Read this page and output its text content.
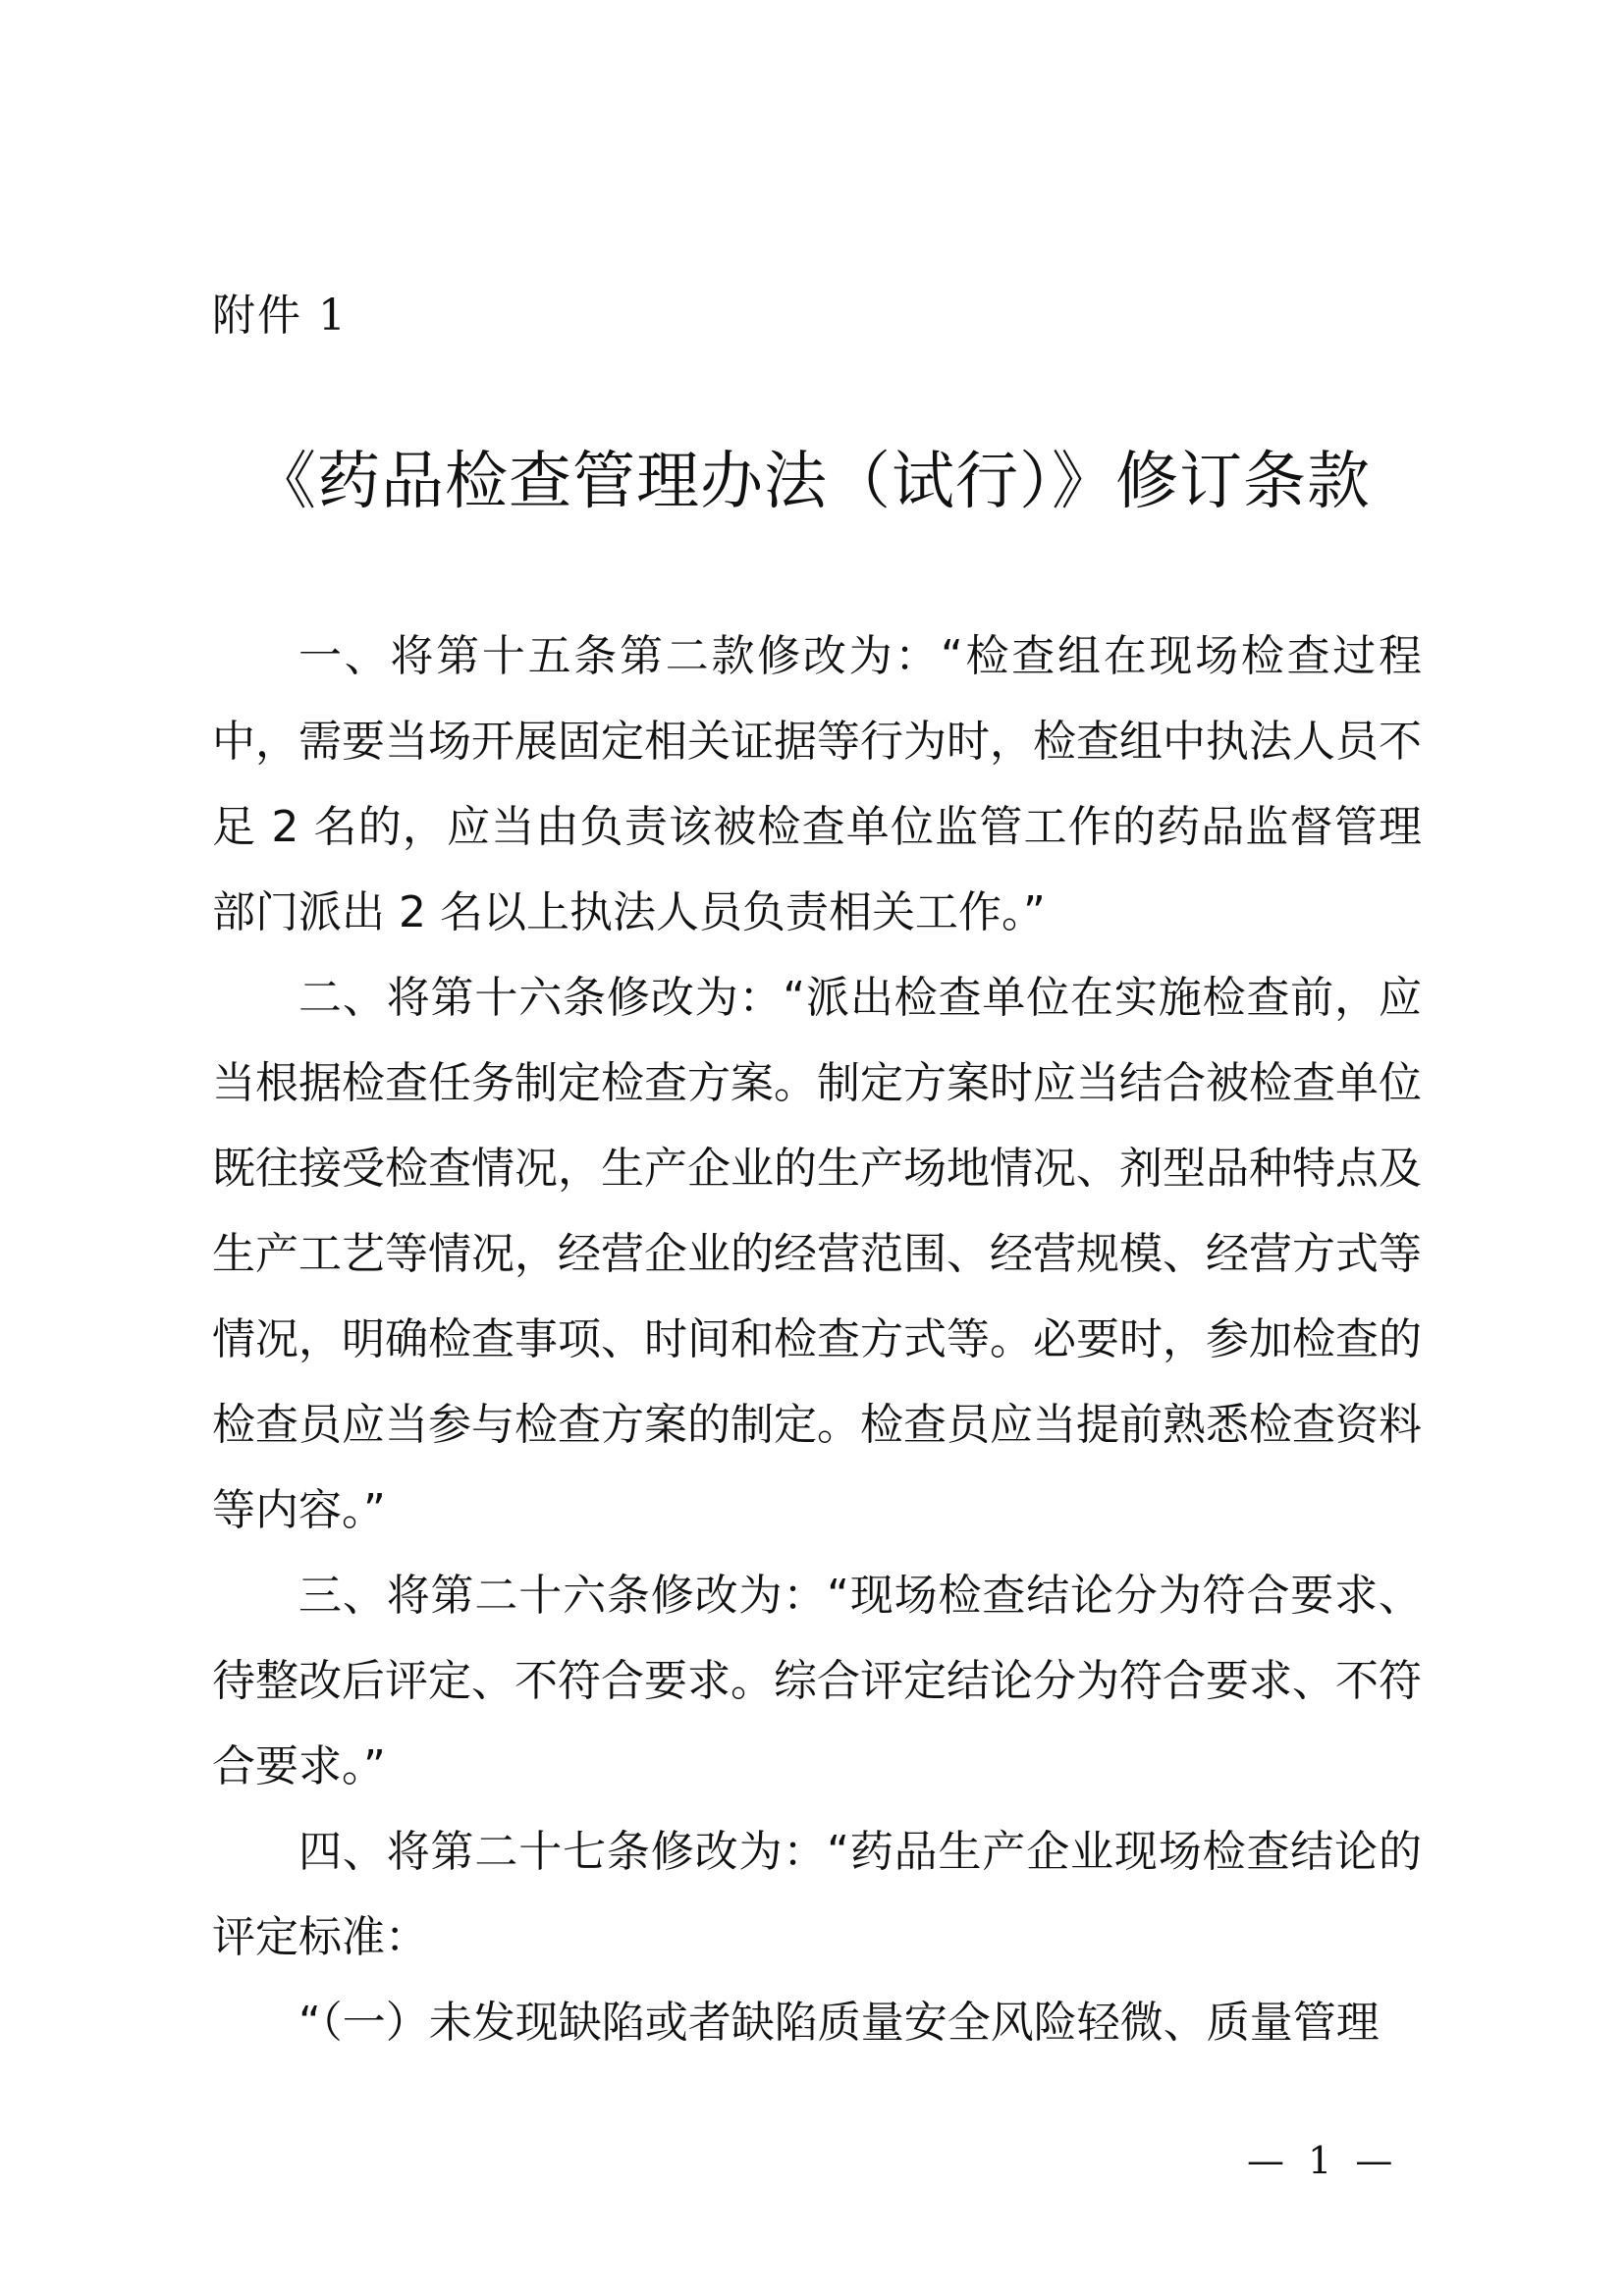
附件 1
《药品检查管理办法（试行）》修订条款

一、将第十五条第二款修改为：“检查组在现场检查过程中，需要当场开展固定相关证据等行为时，检查组中执法人员不足 2 名的，应当由负责该被检查单位监管工作的药品监督管理部门派出 2 名以上执法人员负责相关工作。”

二、将第十六条修改为：“派出检查单位在实施检查前，应当根据检查任务制定检查方案。制定方案时应当结合被检查单位既往接受检查情况，生产企业的生产场地情况、剂型品种特点及生产工艺等情况，经营企业的经营范围、经营规模、经营方式等情况，明确检查事项、时间和检查方式等。必要时，参加检查的检查员应当参与检查方案的制定。检查员应当提前熟悉检查资料等内容。”

三、将第二十六条修改为：“现场检查结论分为符合要求、待整改后评定、不符合要求。综合评定结论分为符合要求、不符合要求。”

四、将第二十七条修改为：“药品生产企业现场检查结论的评定标准：

“（一）未发现缺陷或者缺陷质量安全风险轻微、质量管理

— 1 —
